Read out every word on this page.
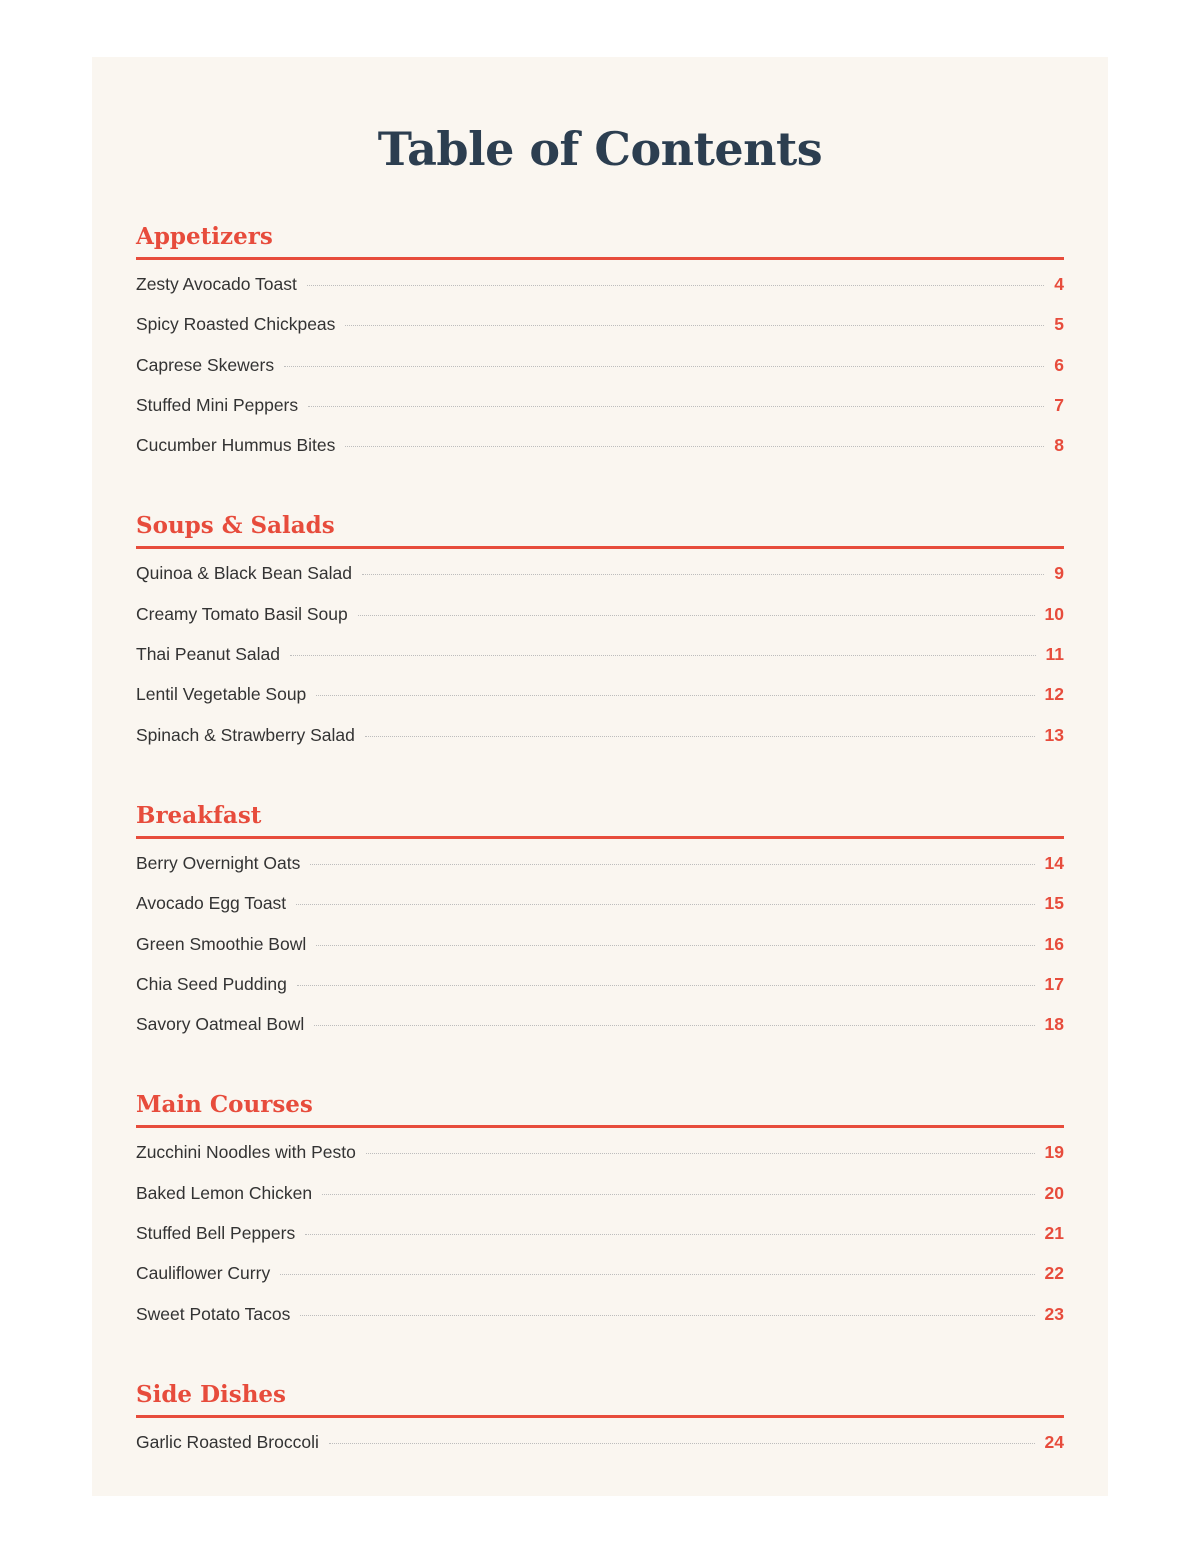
Table of Contents
Appetizers
Zesty Avocado Toast	4
Spicy Roasted Chickpeas	5
Caprese Skewers	6
Stuffed Mini Peppers	7
Cucumber Hummus Bites	8
Soups & Salads
Quinoa & Black Bean Salad	9
Creamy Tomato Basil Soup	10
Thai Peanut Salad	11
Lentil Vegetable Soup	12
Spinach & Strawberry Salad	13
Breakfast
Berry Overnight Oats	14
Avocado Egg Toast	15
Green Smoothie Bowl	16
Chia Seed Pudding	17
Savory Oatmeal Bowl	18
Main Courses
Zucchini Noodles with Pesto	19
Baked Lemon Chicken	20
Stuffed Bell Peppers	21
Cauliflower Curry	22
Sweet Potato Tacos	23
Side Dishes
Garlic Roasted Broccoli	24
